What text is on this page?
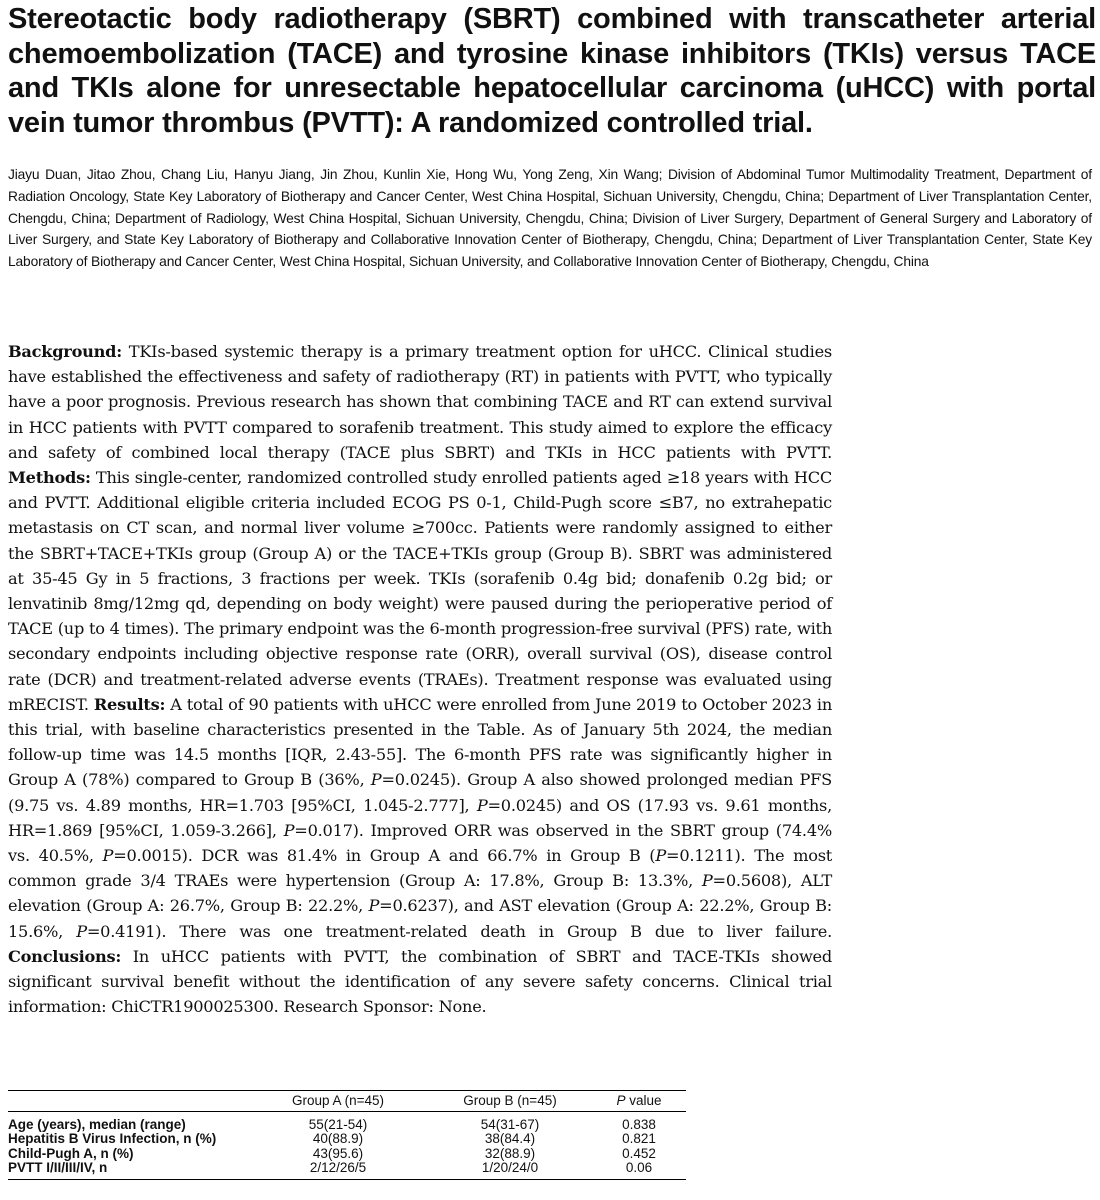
Stereotactic body radiotherapy (SBRT) combined with transcatheter arterial chemoembolization (TACE) and tyrosine kinase inhibitors (TKIs) versus TACE and TKIs alone for unresectable hepatocellular carcinoma (uHCC) with portal vein tumor thrombus (PVTT): A randomized controlled trial.

Jiayu Duan, Jitao Zhou, Chang Liu, Hanyu Jiang, Jin Zhou, Kunlin Xie, Hong Wu, Yong Zeng, Xin Wang; Division of Abdominal Tumor Multimodality Treatment, Department of Radiation Oncology, State Key Laboratory of Biotherapy and Cancer Center, West China Hospital, Sichuan University, Chengdu, China; Department of Liver Transplantation Center, Chengdu, China; Department of Radiology, West China Hospital, Sichuan University, Chengdu, China; Division of Liver Surgery, Department of General Surgery and Laboratory of Liver Surgery, and State Key Laboratory of Biotherapy and Collaborative Innovation Center of Biotherapy, Chengdu, China; Department of Liver Transplantation Center, State Key Laboratory of Biotherapy and Cancer Center, West China Hospital, Sichuan University, and Collaborative Innovation Center of Biotherapy, Chengdu, China

Background: TKIs-based systemic therapy is a primary treatment option for uHCC. Clinical studies have established the effectiveness and safety of radiotherapy (RT) in patients with PVTT, who typically have a poor prognosis. Previous research has shown that combining TACE and RT can extend survival in HCC patients with PVTT compared to sorafenib treatment. This study aimed to explore the efficacy and safety of combined local therapy (TACE plus SBRT) and TKIs in HCC patients with PVTT. Methods: This single-center, randomized controlled study enrolled patients aged ≥18 years with HCC and PVTT. Additional eligible criteria included ECOG PS 0-1, Child-Pugh score ≤B7, no extrahepatic metastasis on CT scan, and normal liver volume ≥700cc. Patients were randomly assigned to either the SBRT+TACE+TKIs group (Group A) or the TACE+TKIs group (Group B). SBRT was administered at 35-45 Gy in 5 fractions, 3 fractions per week. TKIs (sorafenib 0.4g bid; donafenib 0.2g bid; or lenvatinib 8mg/12mg qd, depending on body weight) were paused during the perioperative period of TACE (up to 4 times). The primary endpoint was the 6-month progression-free survival (PFS) rate, with secondary endpoints including objective response rate (ORR), overall survival (OS), disease control rate (DCR) and treatment-related adverse events (TRAEs). Treatment response was evaluated using mRECIST. Results: A total of 90 patients with uHCC were enrolled from June 2019 to October 2023 in this trial, with baseline characteristics presented in the Table. As of January 5th 2024, the median follow-up time was 14.5 months [IQR, 2.43-55]. The 6-month PFS rate was significantly higher in Group A (78%) compared to Group B (36%, P=0.0245). Group A also showed prolonged median PFS (9.75 vs. 4.89 months, HR=1.703 [95%CI, 1.045-2.777], P=0.0245) and OS (17.93 vs. 9.61 months, HR=1.869 [95%CI, 1.059-3.266], P=0.017). Improved ORR was observed in the SBRT group (74.4% vs. 40.5%, P=0.0015). DCR was 81.4% in Group A and 66.7% in Group B (P=0.1211). The most common grade 3/4 TRAEs were hypertension (Group A: 17.8%, Group B: 13.3%, P=0.5608), ALT elevation (Group A: 26.7%, Group B: 22.2%, P=0.6237), and AST elevation (Group A: 22.2%, Group B: 15.6%, P=0.4191). There was one treatment-related death in Group B due to liver failure. Conclusions: In uHCC patients with PVTT, the combination of SBRT and TACE-TKIs showed significant survival benefit without the identification of any severe safety concerns. Clinical trial information: ChiCTR1900025300. Research Sponsor: None.

	Group A (n=45)	Group B (n=45)	P value
Age (years), median (range)	55(21-54)	54(31-67)	0.838
Hepatitis B Virus Infection, n (%)	40(88.9)	38(84.4)	0.821
Child-Pugh A, n (%)	43(95.6)	32(88.9)	0.452
PVTT I/II/III/IV, n	2/12/26/5	1/20/24/0	0.06
